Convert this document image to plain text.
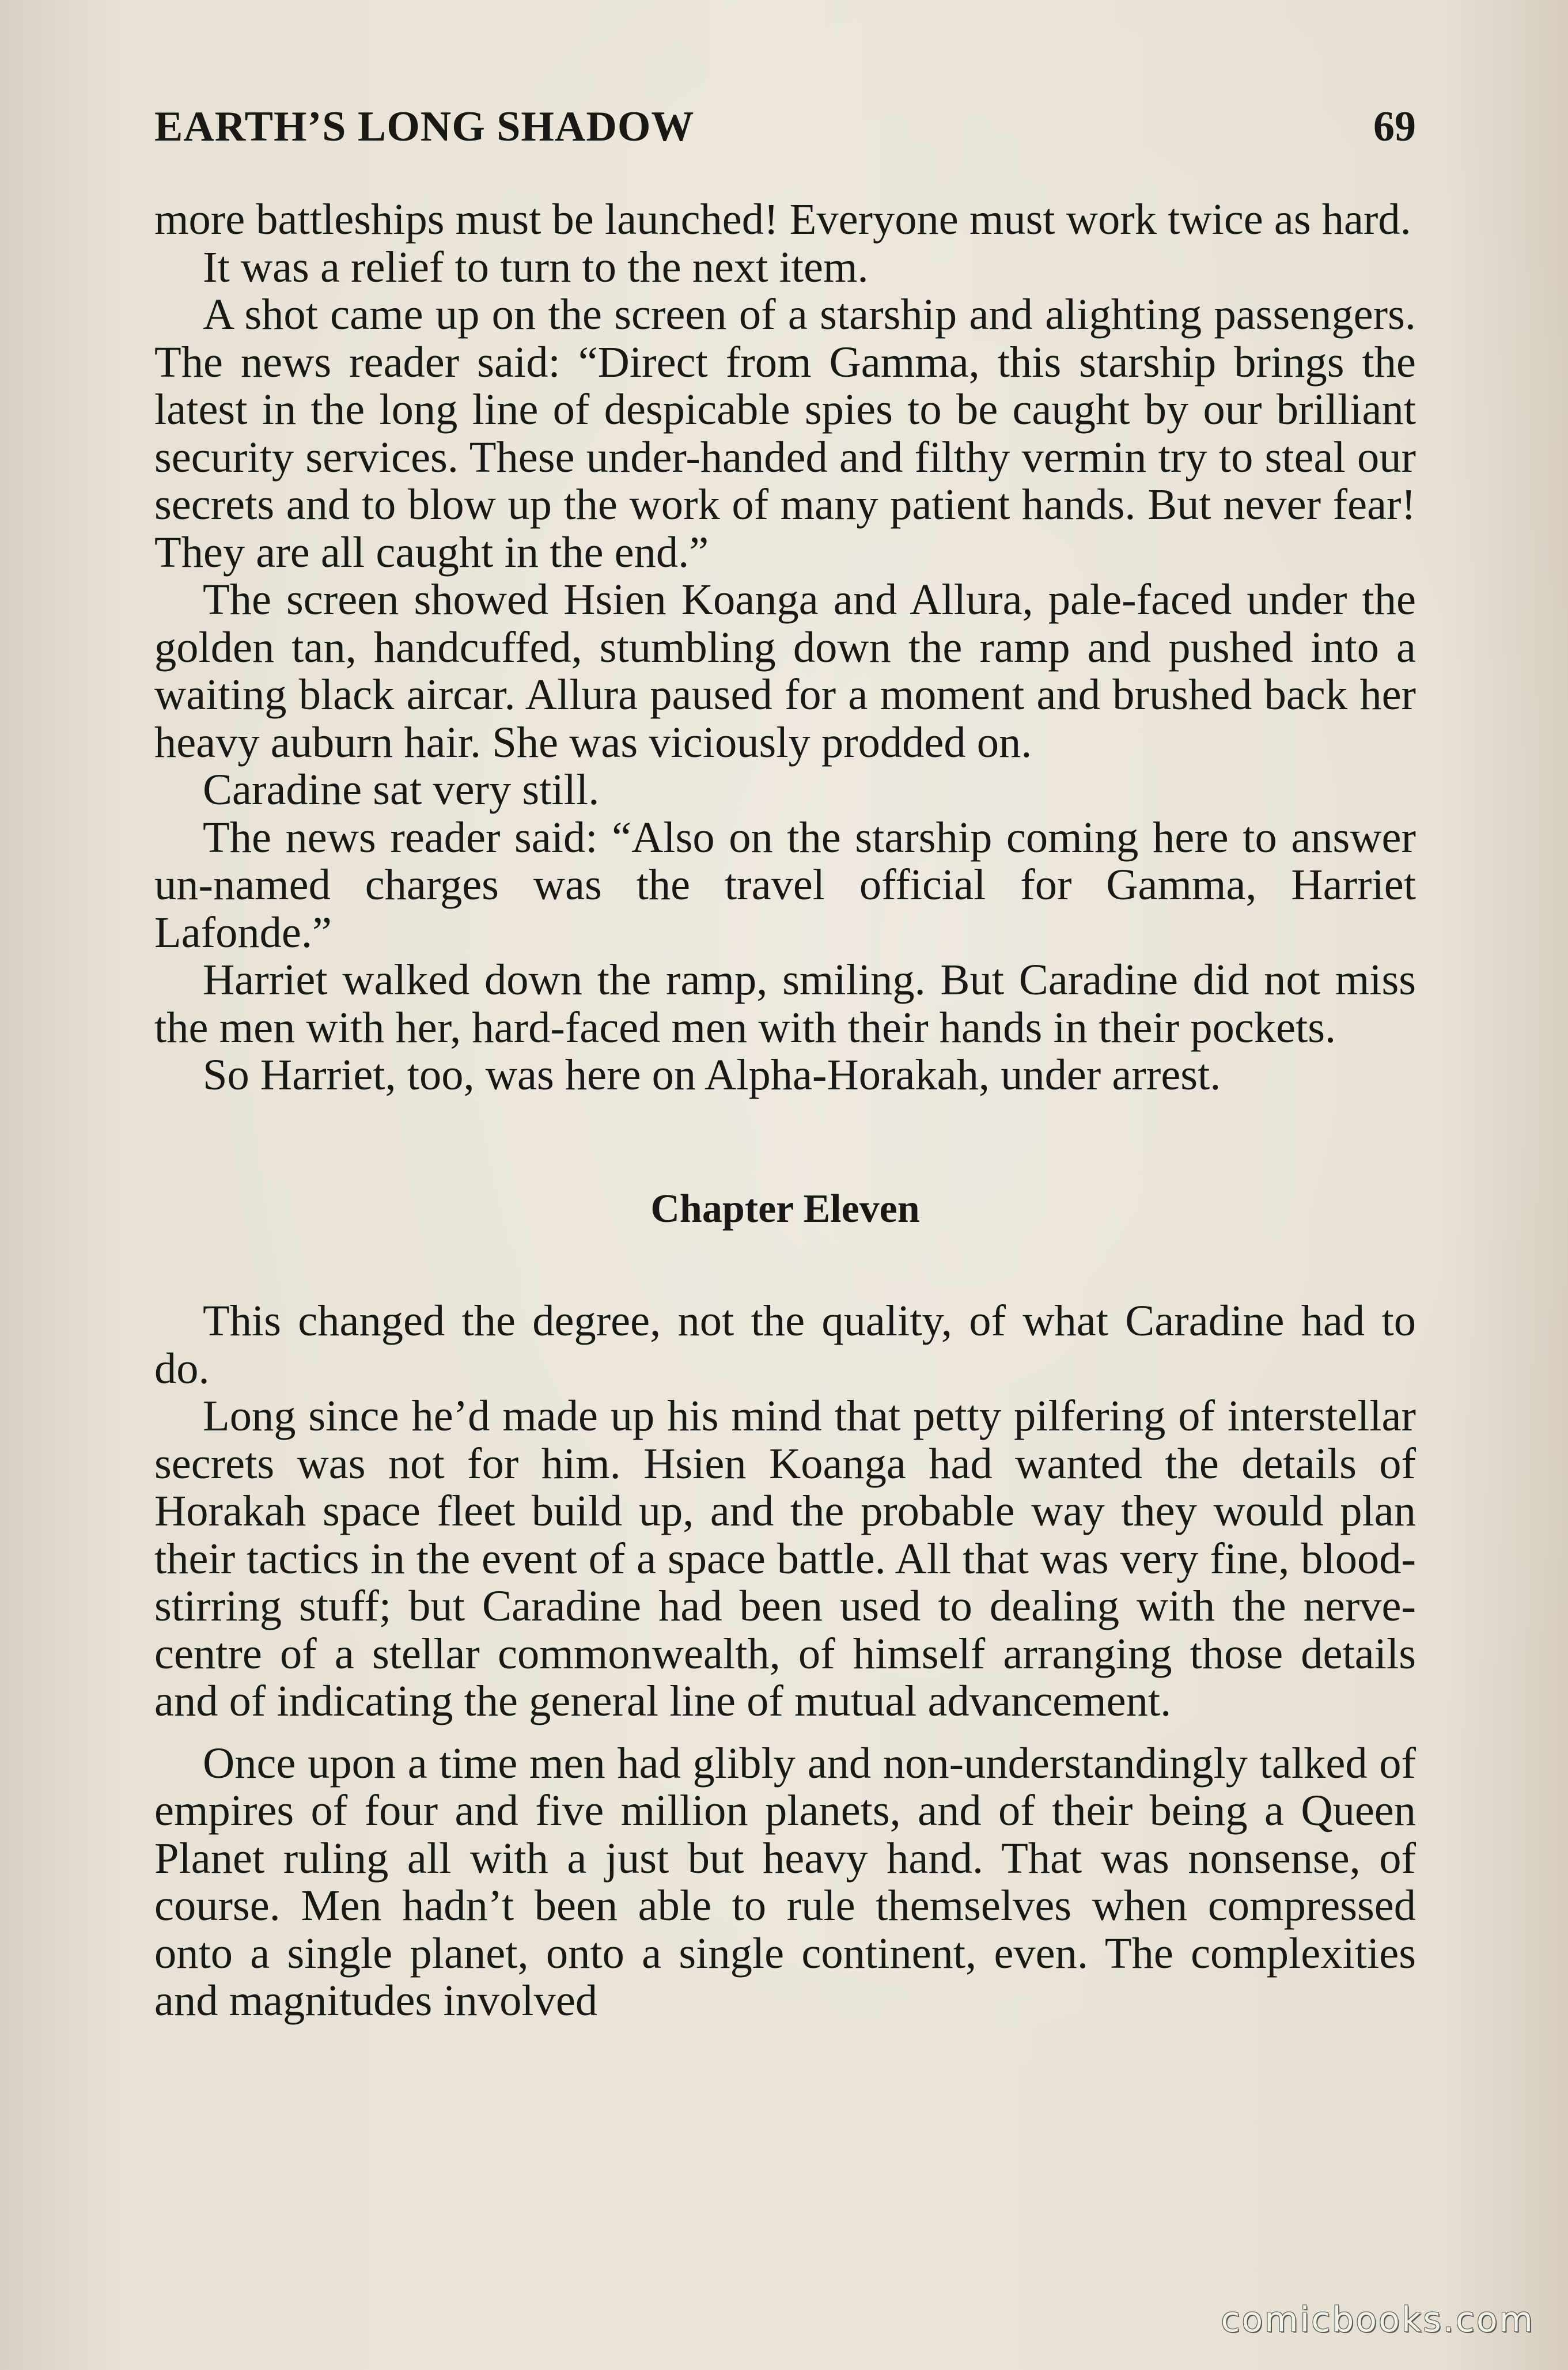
EARTH’S LONG SHADOW	69

more battleships must be launched! Everyone must work twice as hard.

It was a relief to turn to the next item.

A shot came up on the screen of a starship and alighting passengers. The news reader said: “Direct from Gamma, this starship brings the latest in the long line of despicable spies to be caught by our brilliant security services. These under-handed and filthy vermin try to steal our secrets and to blow up the work of many patient hands. But never fear! They are all caught in the end.”

The screen showed Hsien Koanga and Allura, pale-faced under the golden tan, handcuffed, stumbling down the ramp and pushed into a waiting black aircar. Allura paused for a moment and brushed back her heavy auburn hair. She was viciously prodded on.

Caradine sat very still.

The news reader said: “Also on the starship coming here to answer un-named charges was the travel official for Gamma, Harriet Lafonde.”

Harriet walked down the ramp, smiling. But Caradine did not miss the men with her, hard-faced men with their hands in their pockets.

So Harriet, too, was here on Alpha-Horakah, under arrest.

Chapter Eleven

This changed the degree, not the quality, of what Caradine had to do.

Long since he’d made up his mind that petty pilfering of interstellar secrets was not for him. Hsien Koanga had wanted the details of Horakah space fleet build up, and the probable way they would plan their tactics in the event of a space battle. All that was very fine, blood-stirring stuff; but Caradine had been used to dealing with the nerve-centre of a stellar commonwealth, of himself arranging those details and of indicating the general line of mutual advancement.

Once upon a time men had glibly and non-understandingly talked of empires of four and five million planets, and of their being a Queen Planet ruling all with a just but heavy hand. That was nonsense, of course. Men hadn’t been able to rule themselves when compressed onto a single planet, onto a single continent, even. The complexities and magnitudes involved

comicbooks.com
